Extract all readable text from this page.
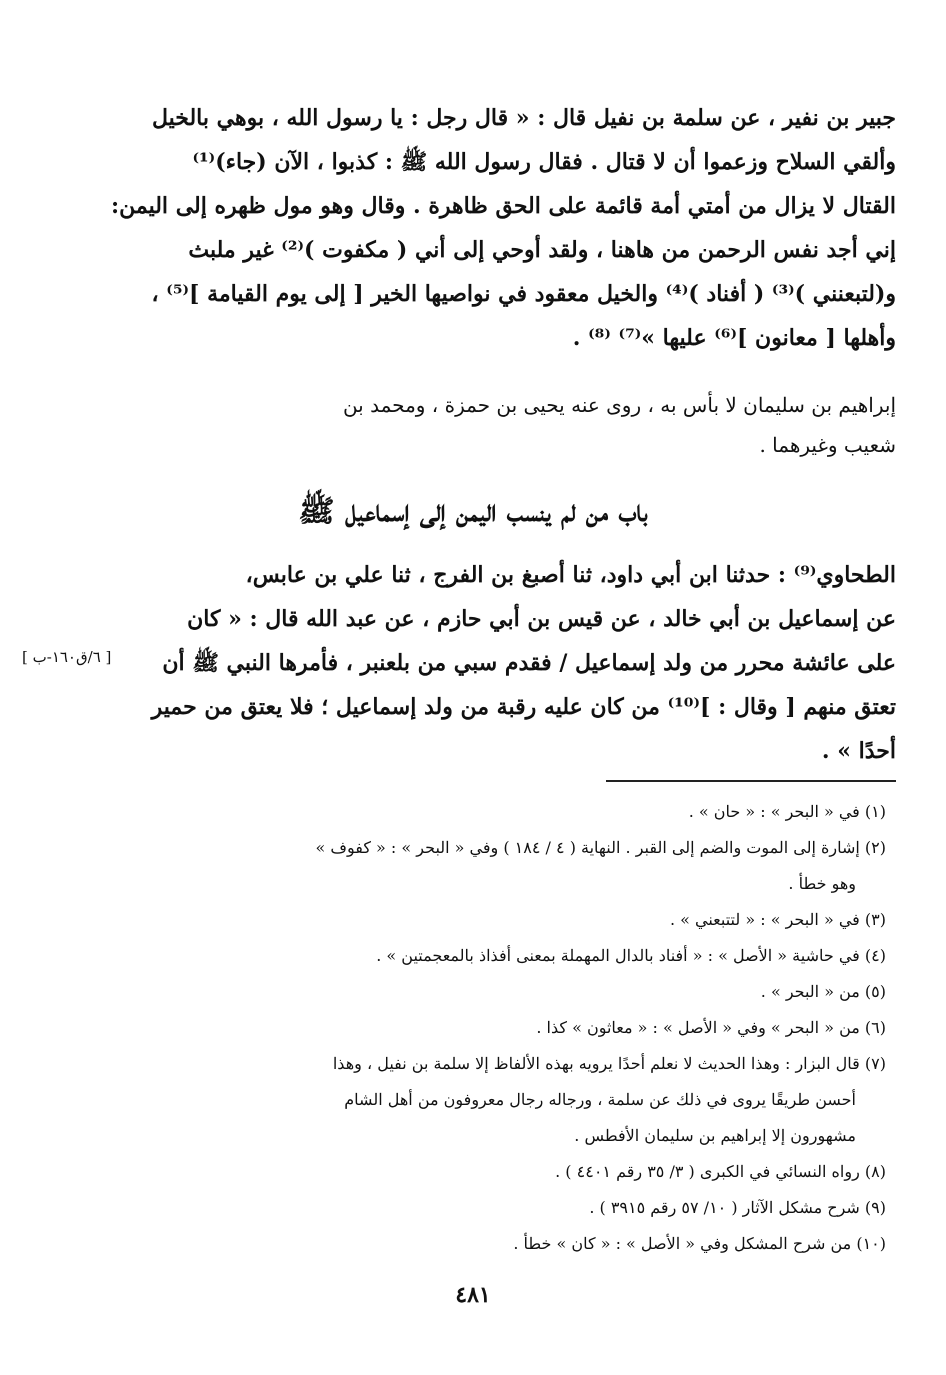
جبير بن نفير ، عن سلمة بن نفيل قال : « قال رجل : يا رسول الله ، بوهي بالخيل
وألقي السلاح وزعموا أن لا قتال . فقال رسول الله ﷺ : كذبوا ، الآن (جاء)⁽¹⁾
القتال لا يزال من أمتي أمة قائمة على الحق ظاهرة . وقال وهو مول ظهره إلى اليمن:
إني أجد نفس الرحمن من هاهنا ، ولقد أوحي إلى أني ( مكفوت )⁽²⁾ غير ملبث
و(لتبعنني )⁽³⁾ ( أفناد )⁽⁴⁾ والخيل معقود في نواصيها الخير [ إلى يوم القيامة ]⁽⁵⁾ ،
وأهلها [ معانون ]⁽⁶⁾ عليها »⁽⁷⁾ ⁽⁸⁾ .
إبراهيم بن سليمان لا بأس به ، روى عنه يحيى بن حمزة ، ومحمد بن
شعيب وغيرهما .
باب من لم ينسب اليمن إلى إسماعيل ﷺ
الطحاوي⁽⁹⁾ : حدثنا ابن أبي داود، ثنا أصبغ بن الفرج ، ثنا علي بن عابس،
عن إسماعيل بن أبي خالد ، عن قيس بن أبي حازم ، عن عبد الله قال : « كان
على عائشة محرر من ولد إسماعيل / فقدم سبي من بلعنبر ، فأمرها النبي ﷺ أن
تعتق منهم [ وقال : ]⁽¹⁰⁾ من كان عليه رقبة من ولد إسماعيل ؛ فلا يعتق من حمير
أحدًا » .
[ ٦/ق١٦٠-ب ]
(١) في « البحر » : « حان » .
(٢) إشارة إلى الموت والضم إلى القبر . النهاية ( ٤ / ١٨٤ ) وفي « البحر » : « كفوف »
وهو خطأ .
(٣) في « البحر » : « لتتبعني » .
(٤) في حاشية « الأصل » : « أفناد بالدال المهملة بمعنى أفذاذ بالمعجمتين » .
(٥) من « البحر » .
(٦) من « البحر » وفي « الأصل » : « معاثون » كذا .
(٧) قال البزار : وهذا الحديث لا نعلم أحدًا يرويه بهذه الألفاظ إلا سلمة بن نفيل ، وهذا
أحسن طريقًا يروى في ذلك عن سلمة ، ورجاله رجال معروفون من أهل الشام
مشهورون إلا إبراهيم بن سليمان الأفطس .
(٨) رواه النسائي في الكبرى ( ٣/ ٣٥ رقم ٤٤٠١ ) .
(٩) شرح مشكل الآثار ( ١٠/ ٥٧ رقم ٣٩١٥ ) .
(١٠) من شرح المشكل وفي « الأصل » : « كان » خطأ .
٤٨١
